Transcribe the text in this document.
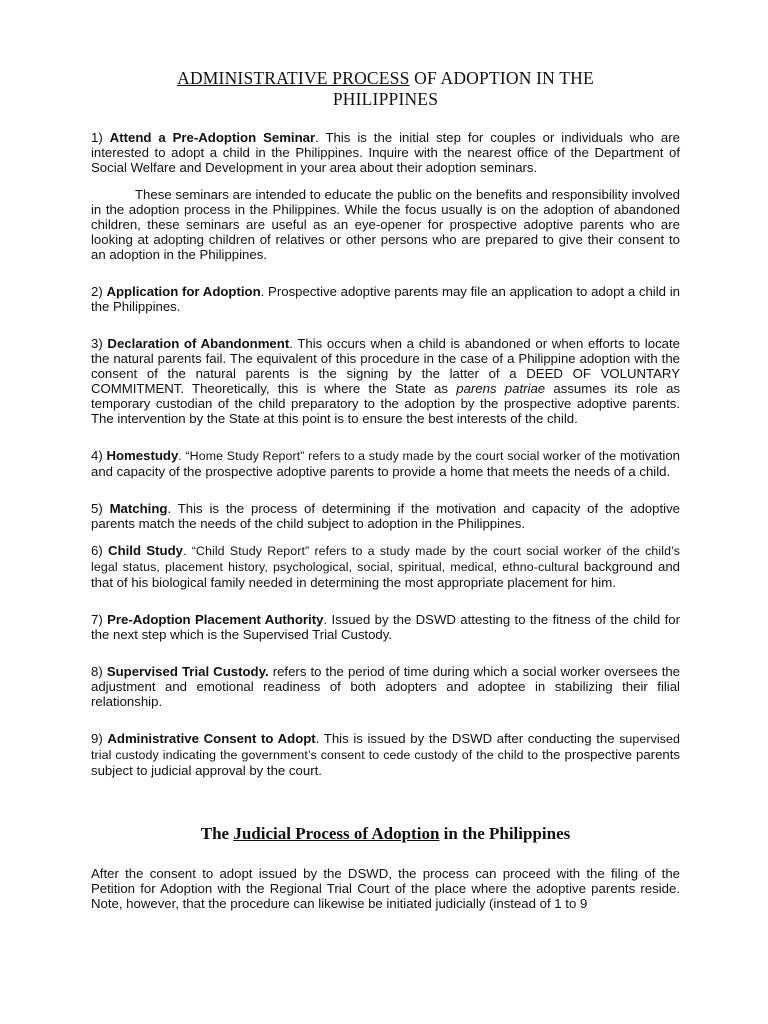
ADMINISTRATIVE PROCESS OF ADOPTION IN THE
PHILIPPINES

1) Attend a Pre-Adoption Seminar. This is the initial step for couples or individuals who are interested to adopt a child in the Philippines. Inquire with the nearest office of the Department of Social Welfare and Development in your area about their adoption seminars.

These seminars are intended to educate the public on the benefits and responsibility involved in the adoption process in the Philippines. While the focus usually is on the adoption of abandoned children, these seminars are useful as an eye-opener for prospective adoptive parents who are looking at adopting children of relatives or other persons who are prepared to give their consent to an adoption in the Philippines.

2) Application for Adoption. Prospective adoptive parents may file an application to adopt a child in the Philippines.

3) Declaration of Abandonment. This occurs when a child is abandoned or when efforts to locate the natural parents fail. The equivalent of this procedure in the case of a Philippine adoption with the consent of the natural parents is the signing by the latter of a DEED OF VOLUNTARY COMMITMENT. Theoretically, this is where the State as parens patriae assumes its role as temporary custodian of the child preparatory to the adoption by the prospective adoptive parents. The intervention by the State at this point is to ensure the best interests of the child.

4) Homestudy. “Home Study Report” refers to a study made by the court social worker of the motivation and capacity of the prospective adoptive parents to provide a home that meets the needs of a child.

5) Matching. This is the process of determining if the motivation and capacity of the adoptive parents match the needs of the child subject to adoption in the Philippines.

6) Child Study. “Child Study Report” refers to a study made by the court social worker of the child’s legal status, placement history, psychological, social, spiritual, medical, ethno-cultural background and that of his biological family needed in determining the most appropriate placement for him.

7) Pre-Adoption Placement Authority. Issued by the DSWD attesting to the fitness of the child for the next step which is the Supervised Trial Custody.

8) Supervised Trial Custody. refers to the period of time during which a social worker oversees the adjustment and emotional readiness of both adopters and adoptee in stabilizing their filial relationship.

9) Administrative Consent to Adopt. This is issued by the DSWD after conducting the supervised trial custody indicating the government’s consent to cede custody of the child to the prospective parents subject to judicial approval by the court.

The Judicial Process of Adoption in the Philippines

After the consent to adopt issued by the DSWD, the process can proceed with the filing of the Petition for Adoption with the Regional Trial Court of the place where the adoptive parents reside. Note, however, that the procedure can likewise be initiated judicially (instead of 1 to 9
